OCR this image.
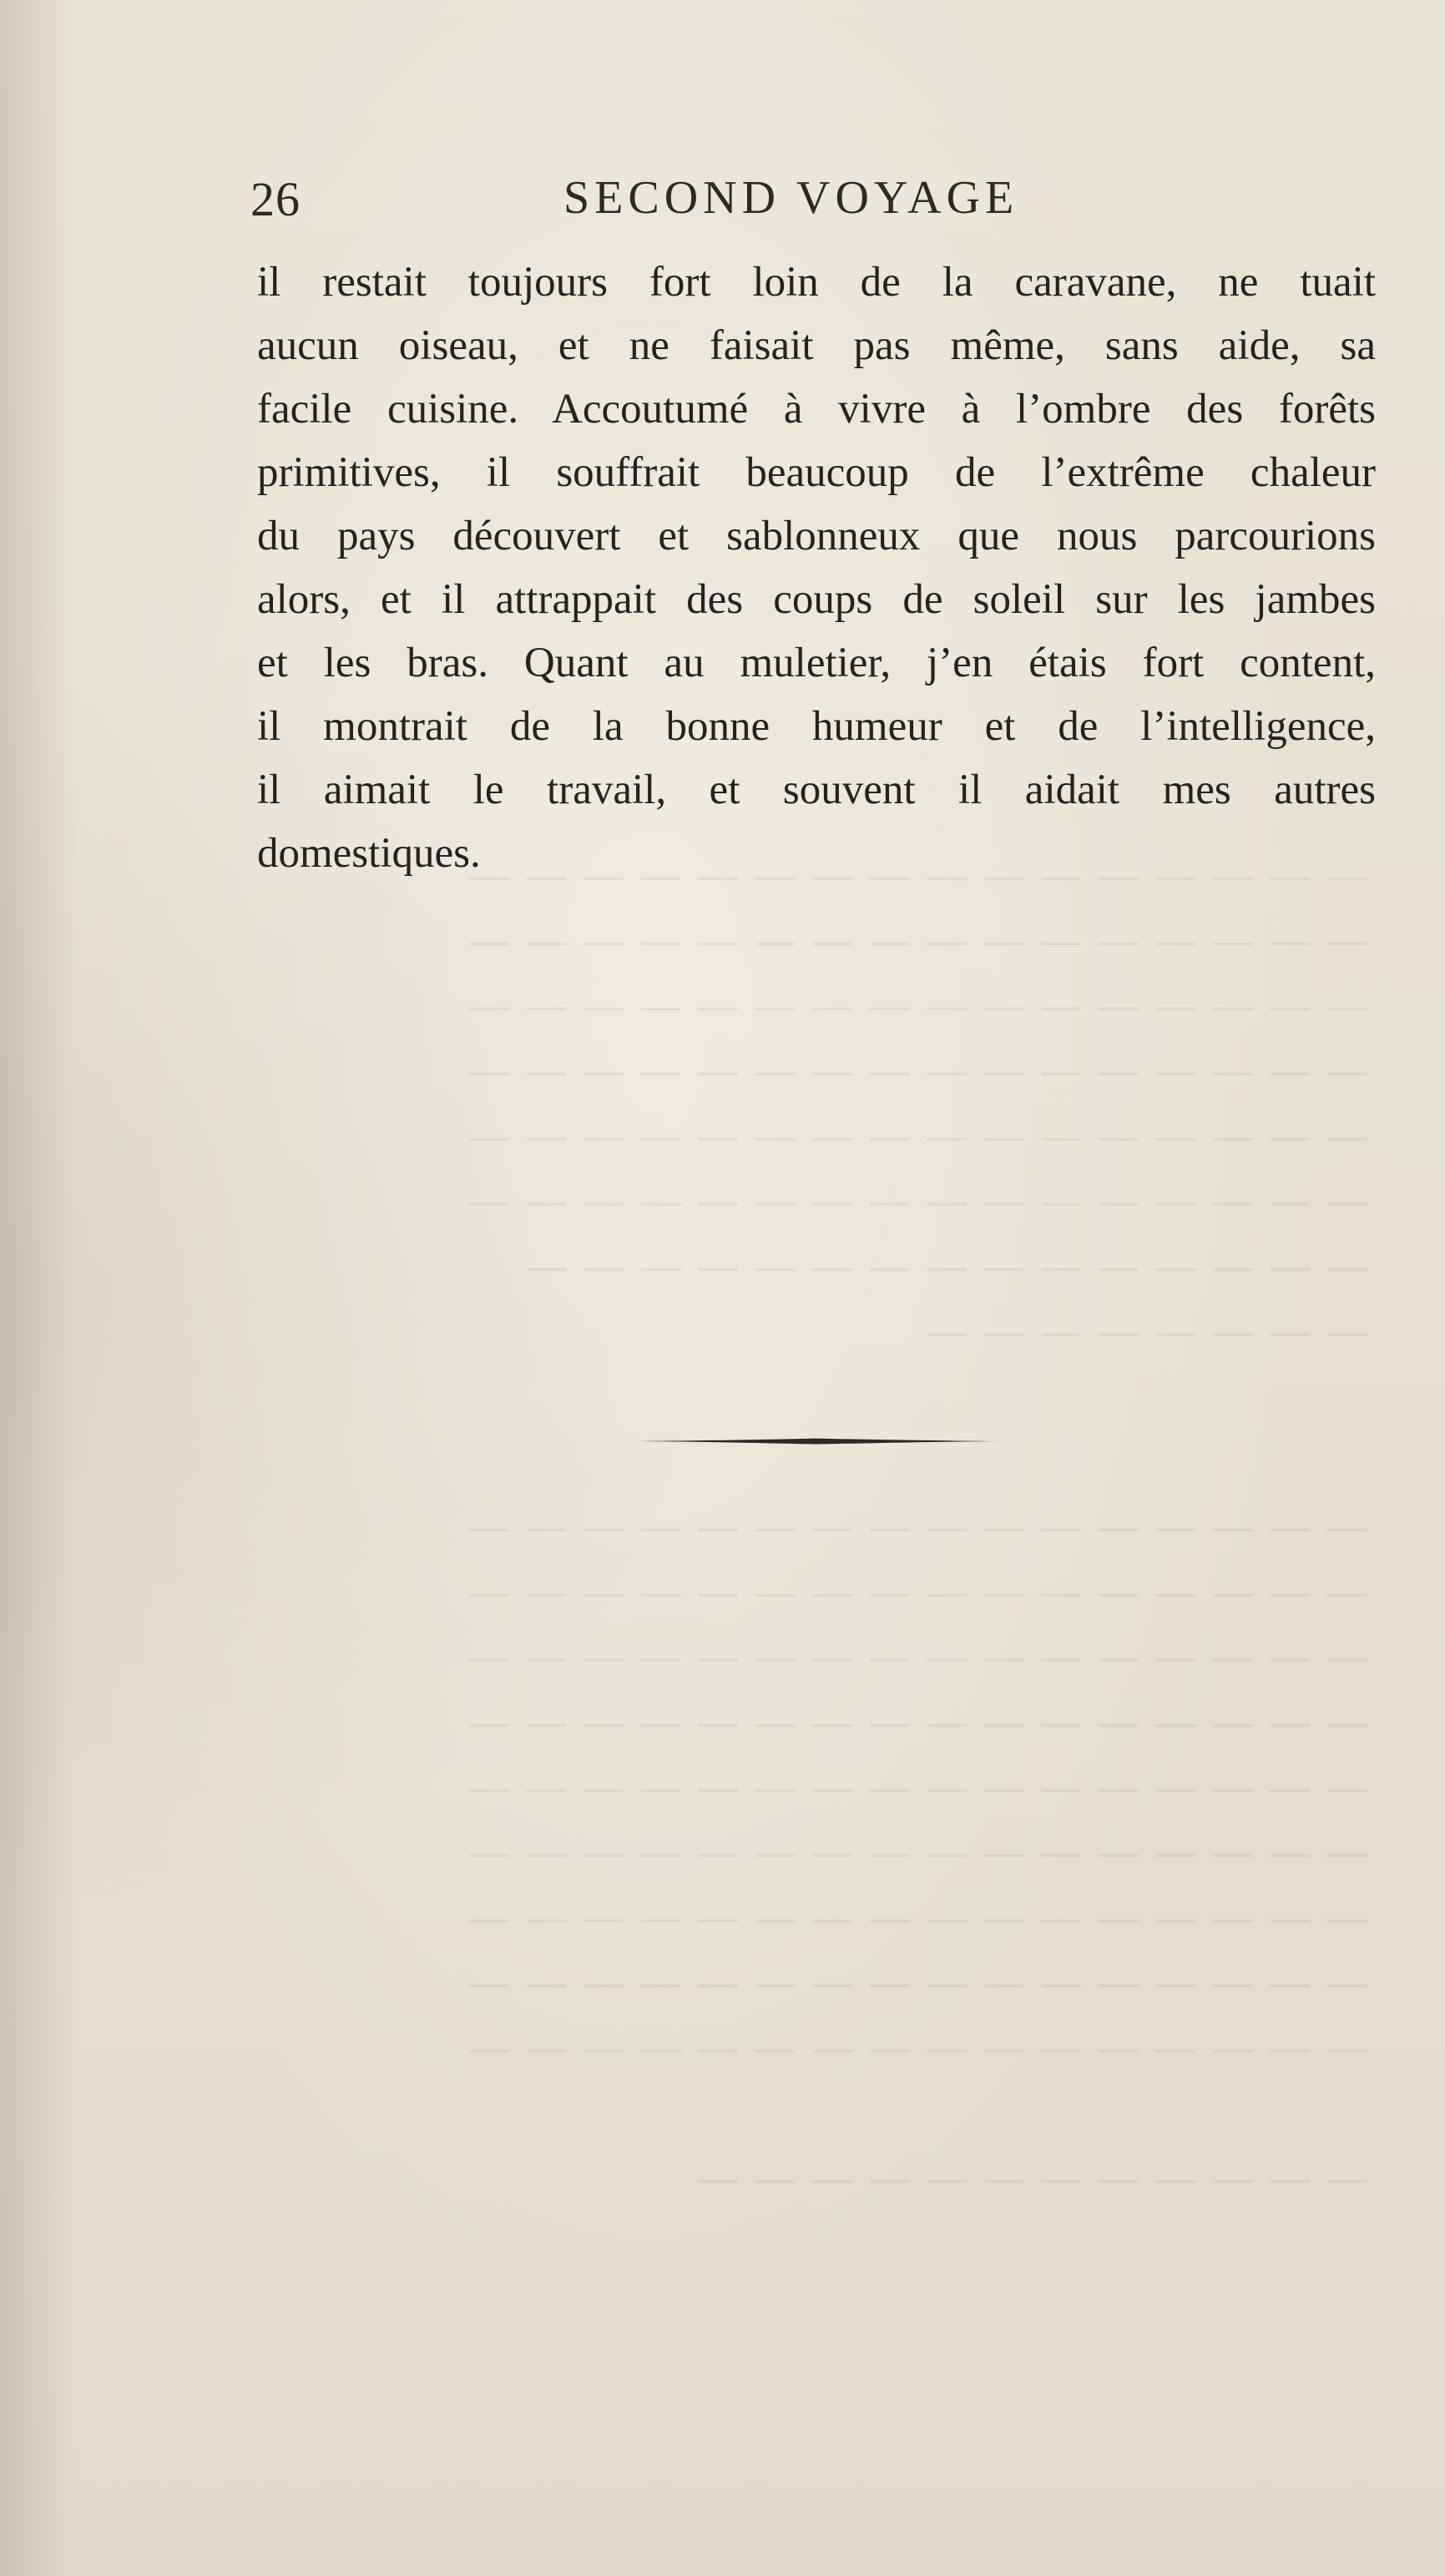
— — — — — — — — — — — — — — — —
— — — — — — — — — — — — — — — —
— — — — — — — — — — — — — — — —
— — — — — — — — — — — — — — — —
— — — — — — — — — — — — — — — —
— — — — — — — — — — — — — — — —
— — — — — — — — — — — — — — —
— — — — — — — —
— — — — — — — — — — — — — — — —
— — — — — — — — — — — — — — — —
— — — — — — — — — — — — — — — —
— — — — — — — — — — — — — — — —
— — — — — — — — — — — — — — — —
— — — — — — — — — — — — — — — —
— — — — — — — — — — — — — — — —
— — — — — — — — — — — — — — — —
— — — — — — — — — — — — — — — —
— — — — — — — — — — — —
26	SECOND VOYAGE
il restait toujours fort loin de la caravane, ne tuait
aucun oiseau, et ne faisait pas même, sans aide, sa
facile cuisine. Accoutumé à vivre à l’ombre des forêts
primitives, il souffrait beaucoup de l’extrême chaleur
du pays découvert et sablonneux que nous parcourions
alors, et il attrappait des coups de soleil sur les jambes
et les bras. Quant au muletier, j’en étais fort content,
il montrait de la bonne humeur et de l’intelligence,
il aimait le travail, et souvent il aidait mes autres
domestiques.
